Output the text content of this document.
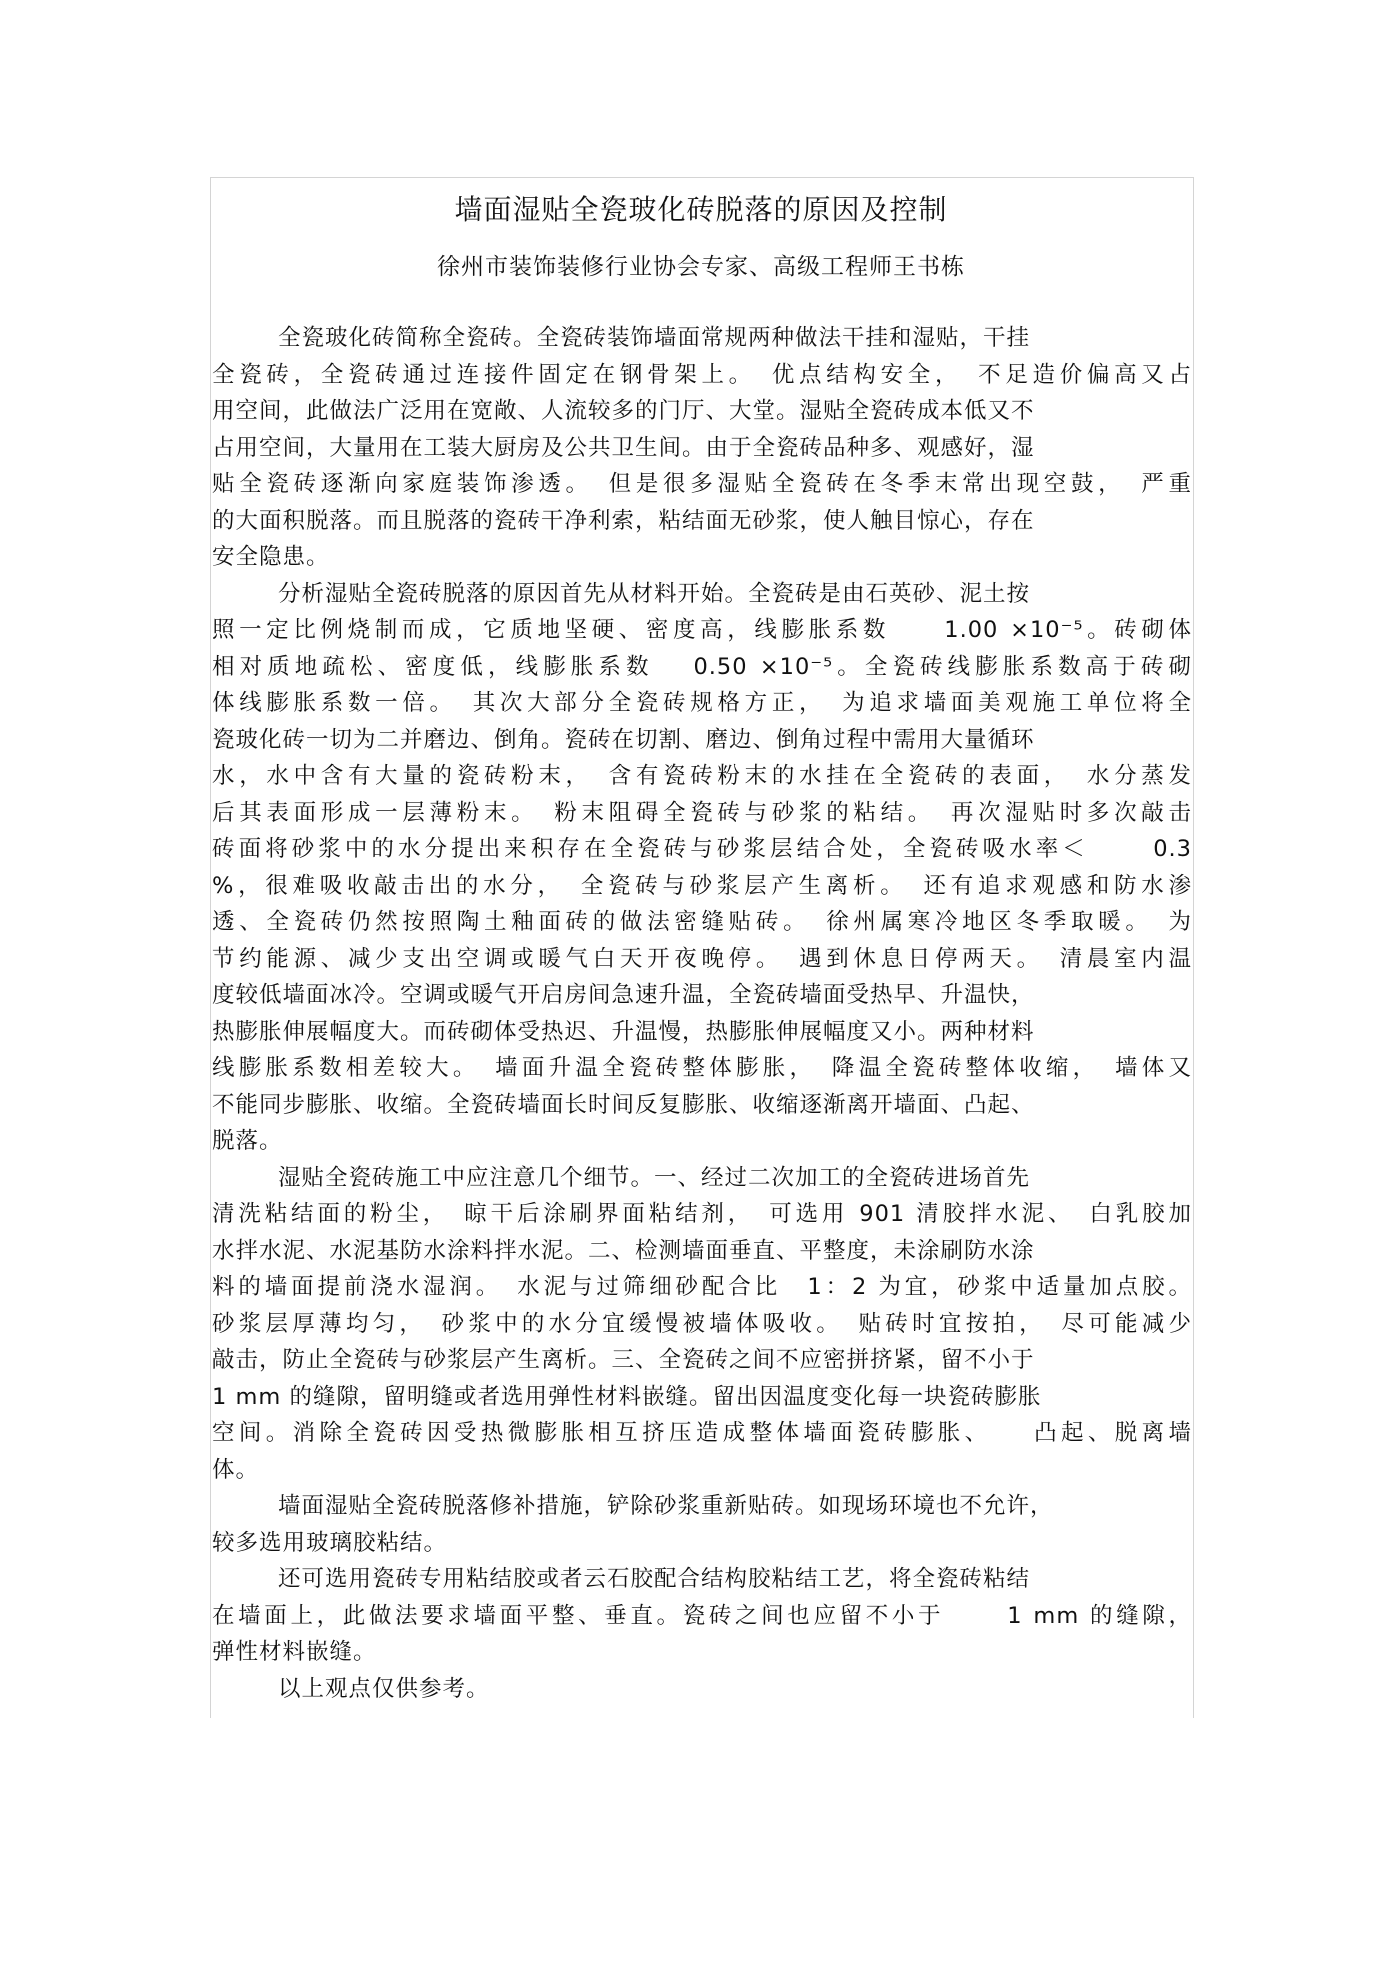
墙面湿贴全瓷玻化砖脱落的原因及控制
徐州市装饰装修行业协会专家、高级工程师王书栋
全瓷玻化砖简称全瓷砖。全瓷砖装饰墙面常规两种做法干挂和湿贴，干挂
全瓷砖，全瓷砖通过连接件固定在钢骨架上。　优点结构安全，　不足造价偏高又占
用空间，此做法广泛用在宽敞、人流较多的门厅、大堂。湿贴全瓷砖成本低又不
占用空间，大量用在工装大厨房及公共卫生间。由于全瓷砖品种多、观感好，湿
贴全瓷砖逐渐向家庭装饰渗透。　但是很多湿贴全瓷砖在冬季末常出现空鼓，　严重
的大面积脱落。而且脱落的瓷砖干净利索，粘结面无砂浆，使人触目惊心，存在
安全隐患。
分析湿贴全瓷砖脱落的原因首先从材料开始。全瓷砖是由石英砂、泥土按
照一定比例烧制而成，它质地坚硬、密度高，线膨胀系数　　1.00 ×10⁻⁵。砖砌体
相对质地疏松、密度低，线膨胀系数　 0.50 ×10⁻⁵。全瓷砖线膨胀系数高于砖砌
体线膨胀系数一倍。　其次大部分全瓷砖规格方正，　为追求墙面美观施工单位将全
瓷玻化砖一切为二并磨边、倒角。瓷砖在切割、磨边、倒角过程中需用大量循环
水，水中含有大量的瓷砖粉末，　含有瓷砖粉末的水挂在全瓷砖的表面，　水分蒸发
后其表面形成一层薄粉末。　粉末阻碍全瓷砖与砂浆的粘结。　再次湿贴时多次敲击
砖面将砂浆中的水分提出来积存在全瓷砖与砂浆层结合处，全瓷砖吸水率＜　　 0.3
%，很难吸收敲击出的水分，　全瓷砖与砂浆层产生离析。　还有追求观感和防水渗
透、全瓷砖仍然按照陶土釉面砖的做法密缝贴砖。　徐州属寒冷地区冬季取暖。　为
节约能源、减少支出空调或暖气白天开夜晚停。　遇到休息日停两天。　清晨室内温
度较低墙面冰冷。空调或暖气开启房间急速升温，全瓷砖墙面受热早、升温快，
热膨胀伸展幅度大。而砖砌体受热迟、升温慢，热膨胀伸展幅度又小。两种材料
线膨胀系数相差较大。　墙面升温全瓷砖整体膨胀，　降温全瓷砖整体收缩，　墙体又
不能同步膨胀、收缩。全瓷砖墙面长时间反复膨胀、收缩逐渐离开墙面、凸起、
脱落。
湿贴全瓷砖施工中应注意几个细节。一、经过二次加工的全瓷砖进场首先
清洗粘结面的粉尘，　晾干后涂刷界面粘结剂，　可选用 901 清胶拌水泥、　白乳胶加
水拌水泥、水泥基防水涂料拌水泥。二、检测墙面垂直、平整度，未涂刷防水涂
料的墙面提前浇水湿润。　水泥与过筛细砂配合比　1：2 为宜，砂浆中适量加点胶。
砂浆层厚薄均匀，　砂浆中的水分宜缓慢被墙体吸收。　贴砖时宜按拍，　尽可能减少
敲击，防止全瓷砖与砂浆层产生离析。三、全瓷砖之间不应密拼挤紧，留不小于
1 mm 的缝隙，留明缝或者选用弹性材料嵌缝。留出因温度变化每一块瓷砖膨胀
空间。消除全瓷砖因受热微膨胀相互挤压造成整体墙面瓷砖膨胀、　　凸起、脱离墙
体。
墙面湿贴全瓷砖脱落修补措施，铲除砂浆重新贴砖。如现场环境也不允许，
较多选用玻璃胶粘结。
还可选用瓷砖专用粘结胶或者云石胶配合结构胶粘结工艺，将全瓷砖粘结
在墙面上，此做法要求墙面平整、垂直。瓷砖之间也应留不小于　　 1 mm 的缝隙，
弹性材料嵌缝。
以上观点仅供参考。
